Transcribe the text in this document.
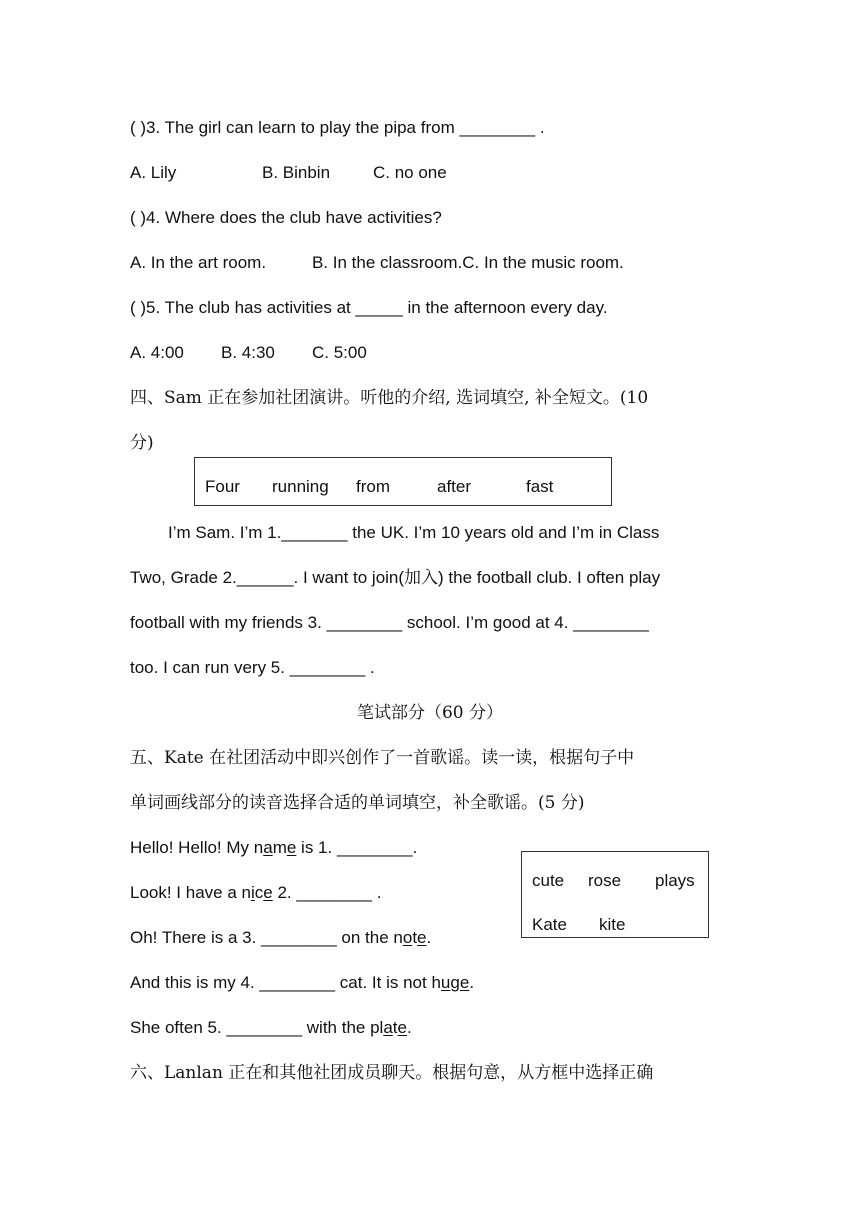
( )3. The girl can learn to play the pipa from ________ .
A. Lily	B. Binbin	C. no one
( )4. Where does the club have activities?
A. In the art room.	B. In the classroom.C. In the music room.
( )5. The club has activities at _____ in the afternoon every day.
A. 4:00 B. 4:30 C. 5:00
四、Sam 正在参加社团演讲。听他的介绍, 选词填空, 补全短文。(10
分)
Four running from	after	fast
I’m Sam. I’m 1._______ the UK. I’m 10 years old and I’m in Class
Two, Grade 2.______. I want to join(加入) the football club. I often play
football with my friends 3. ________ school. I’m good at 4. ________
too. I can run very 5. ________ .
笔试部分（60 分）
五、Kate 在社团活动中即兴创作了一首歌谣。读一读，根据句子中
单词画线部分的读音选择合适的单词填空，补全歌谣。(5 分)
cute rose plays
Kate kite
Hello! Hello! My name is 1. ________.
Look! I have a nice 2. ________ .
Oh! There is a 3. ________ on the note.
And this is my 4. ________ cat. It is not huge.
She often 5. ________ with the plate.
六、Lanlan 正在和其他社团成员聊天。根据句意，从方框中选择正确
